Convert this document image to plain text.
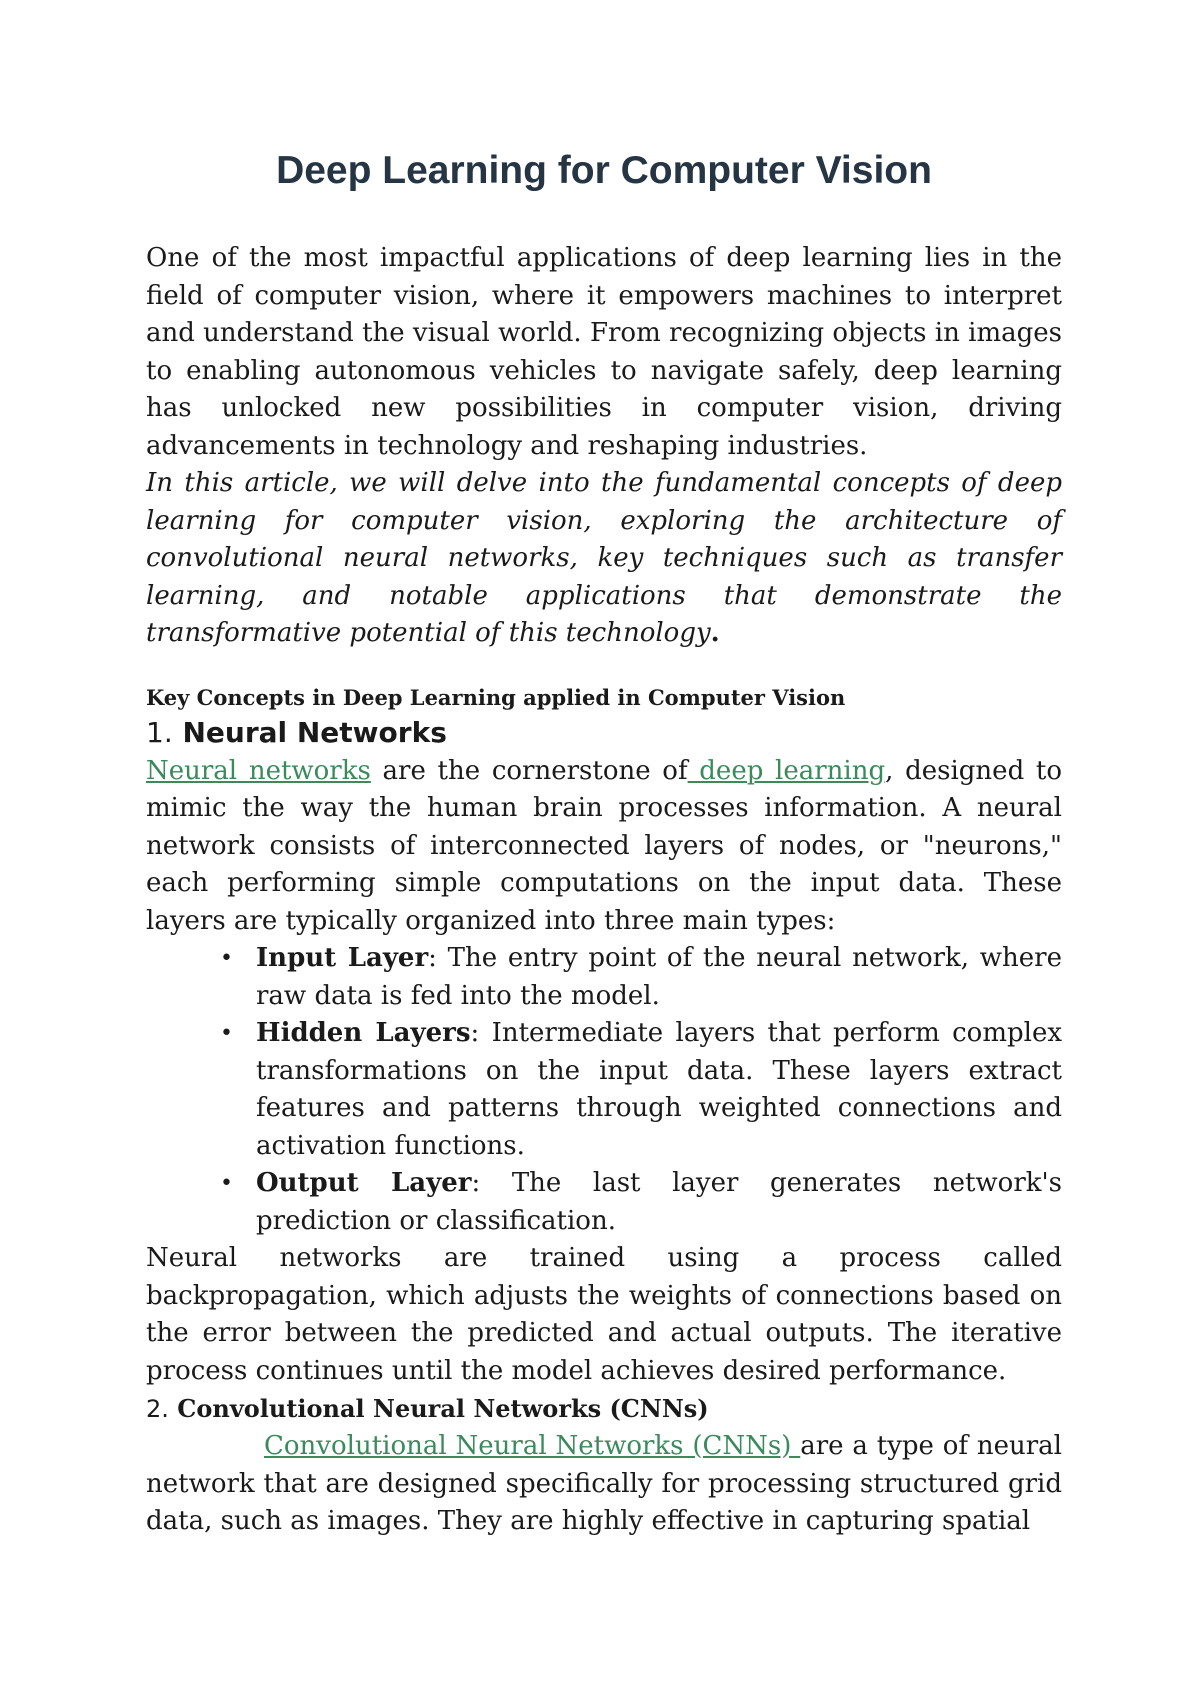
Deep Learning for Computer Vision

One of the most impactful applications of deep learning lies in the field of computer vision, where it empowers machines to interpret and understand the visual world. From recognizing objects in images to enabling autonomous vehicles to navigate safely, deep learning has unlocked new possibilities in computer vision, driving advancements in technology and reshaping industries.

In this article, we will delve into the fundamental concepts of deep learning for computer vision, exploring the architecture of convolutional neural networks, key techniques such as transfer learning, and notable applications that demonstrate the transformative potential of this technology.

Key Concepts in Deep Learning applied in Computer Vision
1. Neural Networks

Neural networks are the cornerstone of deep learning, designed to mimic the way the human brain processes information. A neural network consists of interconnected layers of nodes, or "neurons," each performing simple computations on the input data. These layers are typically organized into three main types:

• Input Layer: The entry point of the neural network, where raw data is fed into the model.
• Hidden Layers: Intermediate layers that perform complex transformations on the input data. These layers extract features and patterns through weighted connections and activation functions.
• Output Layer: The last layer generates network's prediction or classification.

Neural networks are trained using a process called backpropagation, which adjusts the weights of connections based on the error between the predicted and actual outputs. The iterative process continues until the model achieves desired performance.

2. Convolutional Neural Networks (CNNs)

Convolutional Neural Networks (CNNs) are a type of neural network that are designed specifically for processing structured grid data, such as images. They are highly effective in capturing spatial
